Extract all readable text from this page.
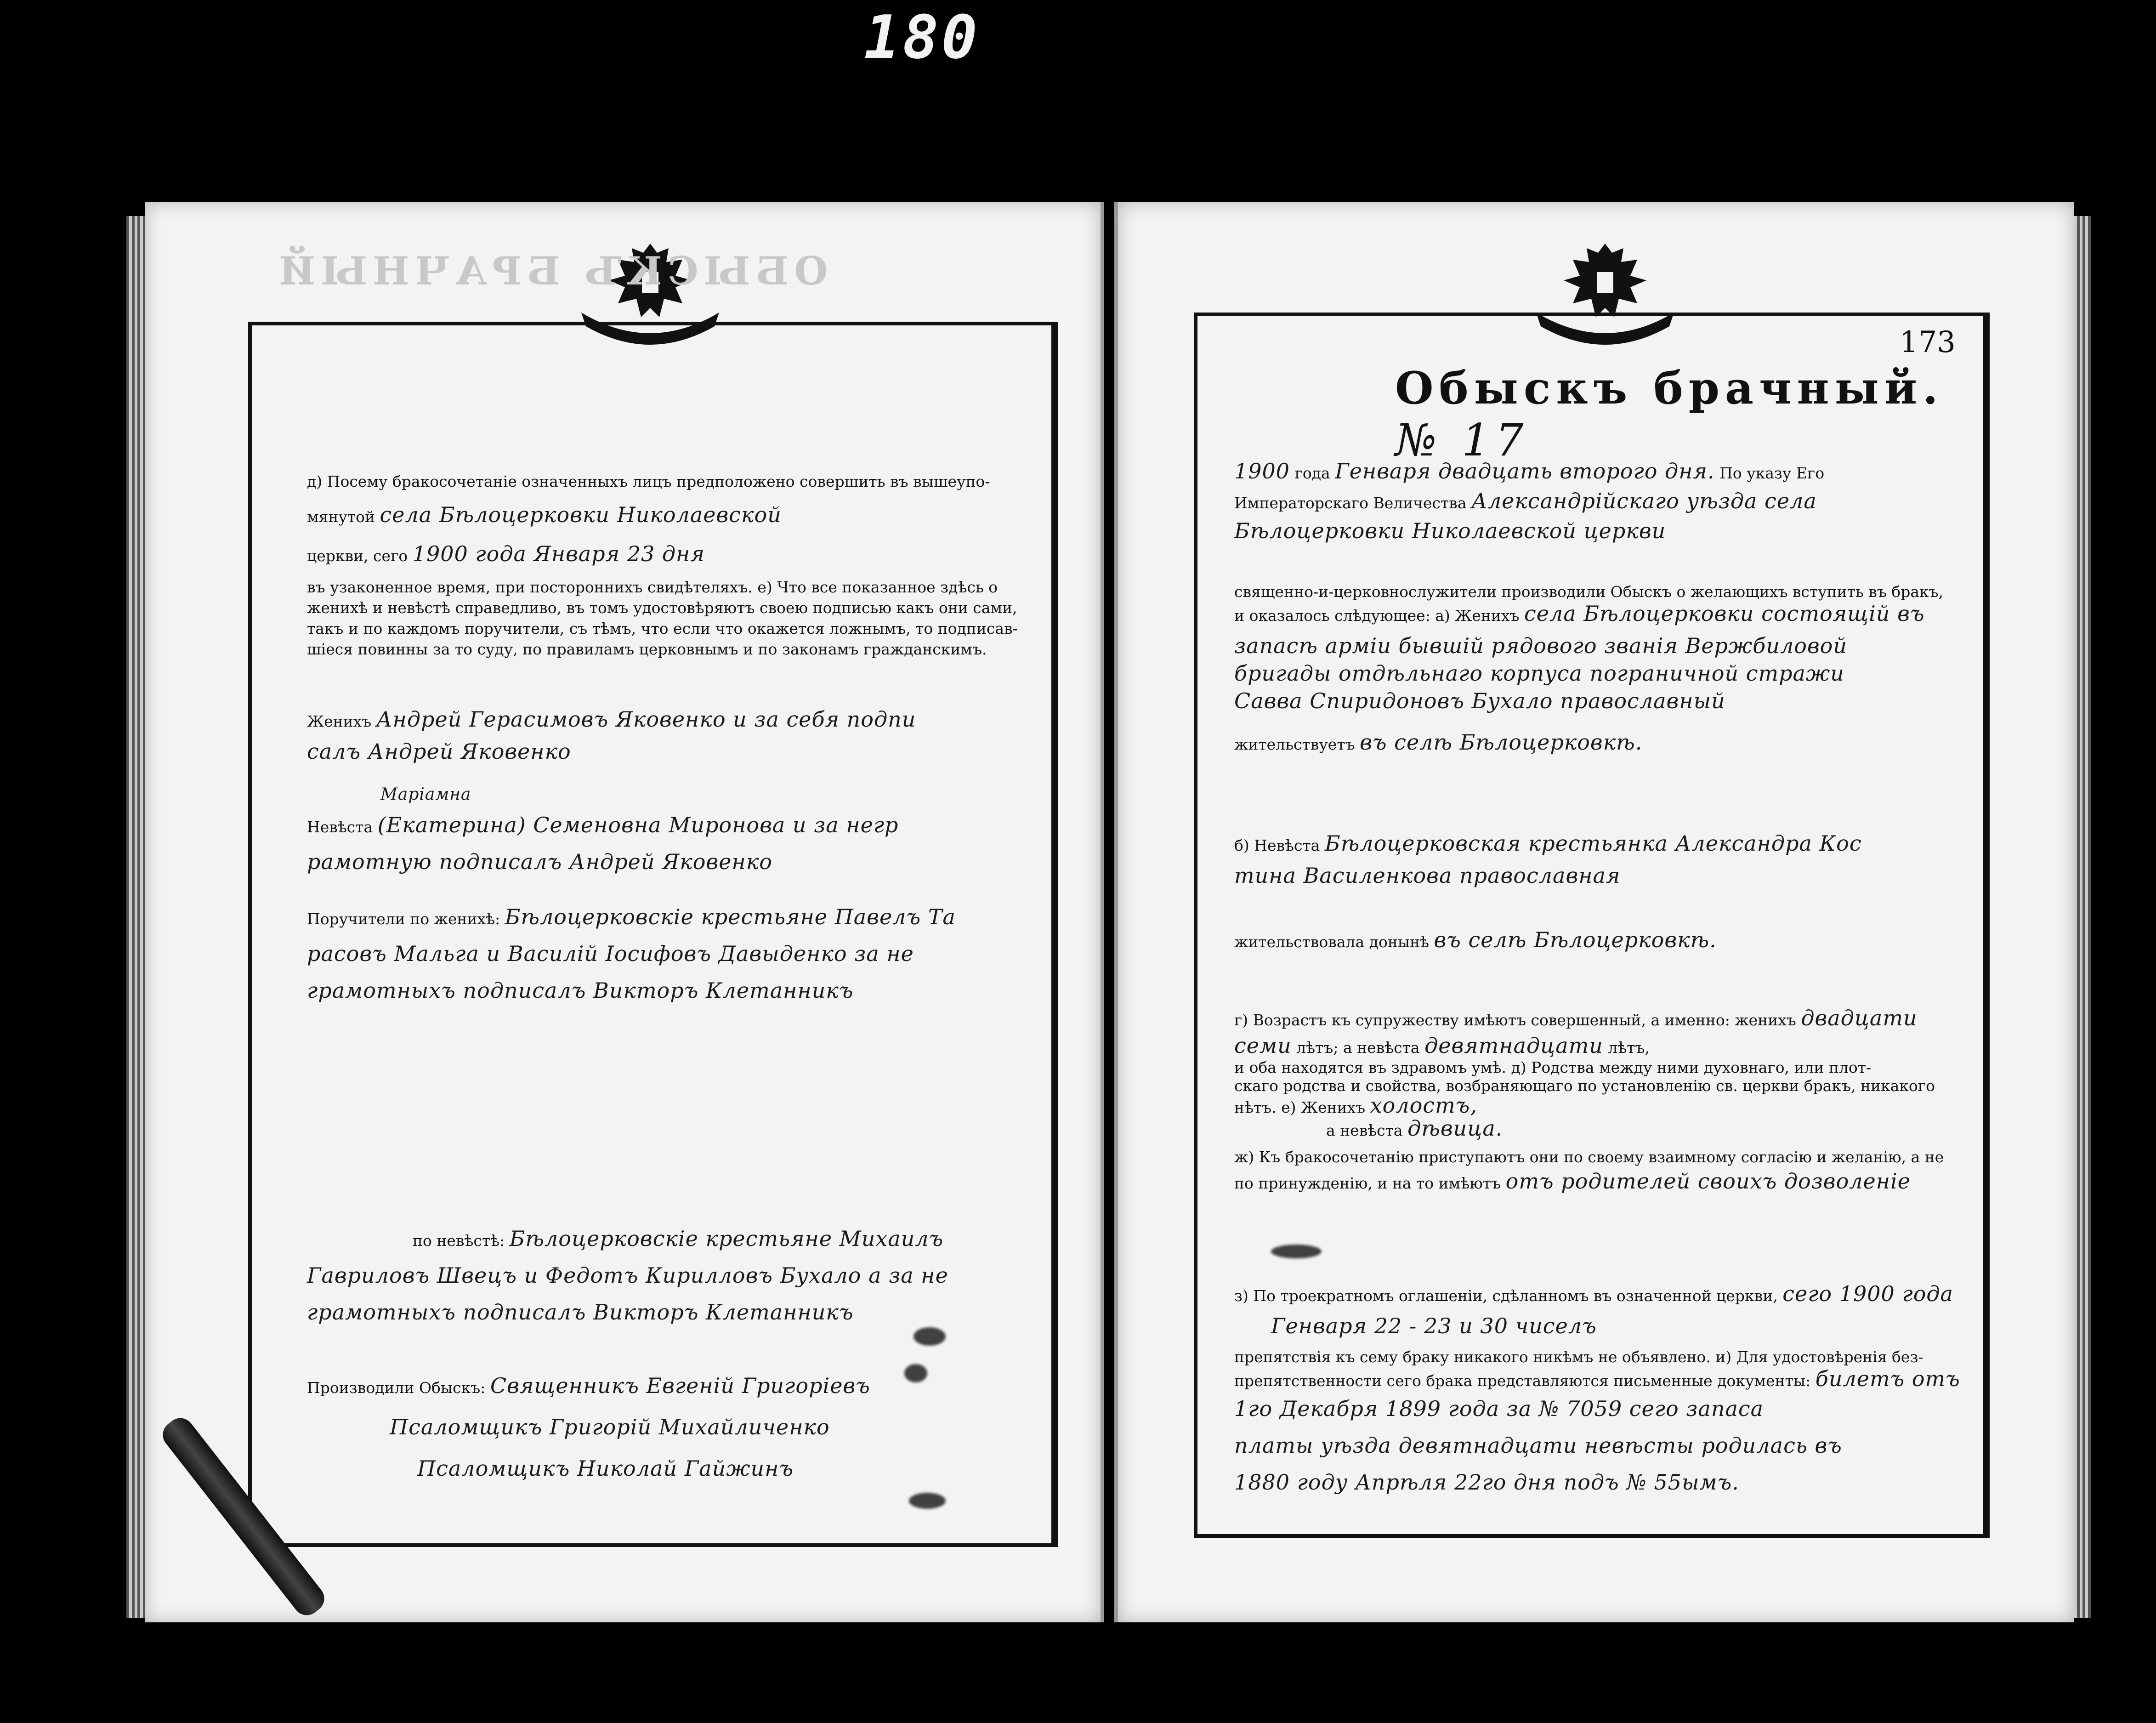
180
ОБЫСКЪ БРАЧНЫЙ
д) Посему бракосочетанiе означенныхъ лицъ предположено совершить въ вышеупо-
мянутой села Бѣлоцерковки Николаевской
церкви, сего 1900 года Января 23 дня
въ узаконенное время, при постороннихъ свидѣтеляхъ. е) Что все показанное здѣсь о
женихѣ и невѣстѣ справедливо, въ томъ удостовѣряютъ своею подписью какъ они сами,
такъ и по каждомъ поручители, съ тѣмъ, что если что окажется ложнымъ, то подписав-
шiеся повинны за то суду, по правиламъ церковнымъ и по законамъ гражданскимъ.
Женихъ Андрей Герасимовъ Яковенко и за себя подпи
салъ Андрей Яковенко
Марiамна
Невѣста (Екатерина) Семеновна Миронова и за негр
рамотную подписалъ Андрей Яковенко
Поручители по женихѣ: Бѣлоцерковскiе крестьяне Павелъ Та
расовъ Мальга и Василiй Iосифовъ Давыденко за не
грамотныхъ подписалъ Викторъ Клетанникъ
по невѣстѣ: Бѣлоцерковскiе крестьяне Михаилъ
Гавриловъ Швецъ и Федотъ Кирилловъ Бухало а за не
грамотныхъ подписалъ Викторъ Клетанникъ
Производили Обыскъ: Священникъ Евгенiй Григорiевъ
Псаломщикъ Григорiй Михайличенко
Псаломщикъ Николай Гайжинъ
173
Обыскъ брачный. № 17
1900 года Генваря двадцать второго дня. По указу Его
Императорскаго Величества Александрiйскаго уѣзда села
Бѣлоцерковки Николаевской церкви
священно-и-церковнослужители производили Обыскъ о желающихъ вступить въ бракъ,
и оказалось слѣдующее: а) Женихъ села Бѣлоцерковки состоящiй въ
запасѣ армiи бывшiй рядового званiя Вержбиловой
бригады отдѣльнаго корпуса пограничной стражи
Савва Спиридоновъ Бухало православный
жительствуетъ въ селѣ Бѣлоцерковкѣ.
б) Невѣста Бѣлоцерковская крестьянка Александра Кос
тина Василенкова православная
жительствовала донынѣ въ селѣ Бѣлоцерковкѣ.
г) Возрастъ къ супружеству имѣютъ совершенный, а именно: женихъ двадцати
семи лѣтъ; а невѣста девятнадцати лѣтъ,
и оба находятся въ здравомъ умѣ. д) Родства между ними духовнаго, или плот-
скаго родства и свойства, возбраняющаго по установленiю св. церкви бракъ, никакого
нѣтъ. е) Женихъ холостъ,
а невѣста дѣвица.
ж) Къ бракосочетанiю приступаютъ они по своему взаимному согласiю и желанiю, а не
по принужденiю, и на то имѣютъ отъ родителей своихъ дозволенiе
з) По троекратномъ оглашенiи, сдѣланномъ въ означенной церкви, сего 1900 года
Генваря 22 - 23 и 30 чиселъ
препятствiя къ сему браку никакого никѣмъ не объявлено. и) Для удостовѣренiя без-
препятственности сего брака представляются письменные документы: билетъ отъ
1го Декабря 1899 года за № 7059 сего запаса
платы уѣзда девятнадцати невѣсты родилась въ
1880 году Апрѣля 22го дня подъ № 55ымъ.
